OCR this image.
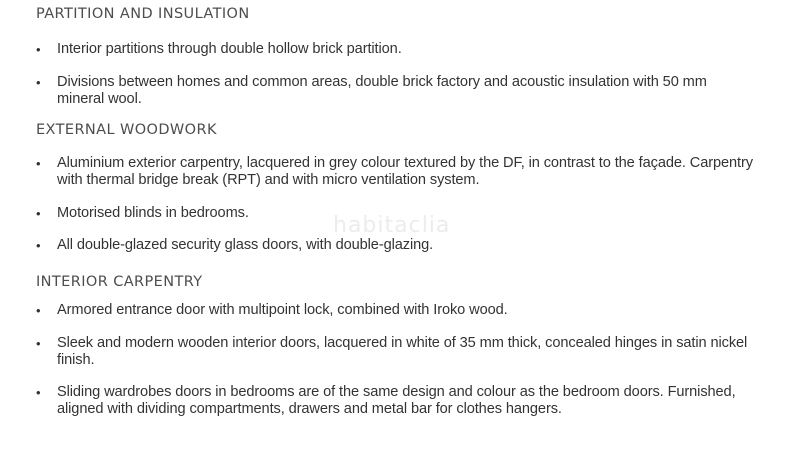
habitaclia
PARTITION AND INSULATION
•	Interior partitions through double hollow brick partition.
•	Divisions between homes and common areas, double brick factory and acoustic insulation with 50 mm mineral wool.
EXTERNAL WOODWORK
•	Aluminium exterior carpentry, lacquered in grey colour textured by the DF, in contrast to the façade. Carpentry with thermal bridge break (RPT) and with micro ventilation system.
•	Motorised blinds in bedrooms.
•	All double-glazed security glass doors, with double-glazing.
INTERIOR CARPENTRY
•	Armored entrance door with multipoint lock, combined with Iroko wood.
•	Sleek and modern wooden interior doors, lacquered in white of 35 mm thick, concealed hinges in satin nickel finish.
•	Sliding wardrobes doors in bedrooms are of the same design and colour as the bedroom doors. Furnished, aligned with dividing compartments, drawers and metal bar for clothes hangers.
